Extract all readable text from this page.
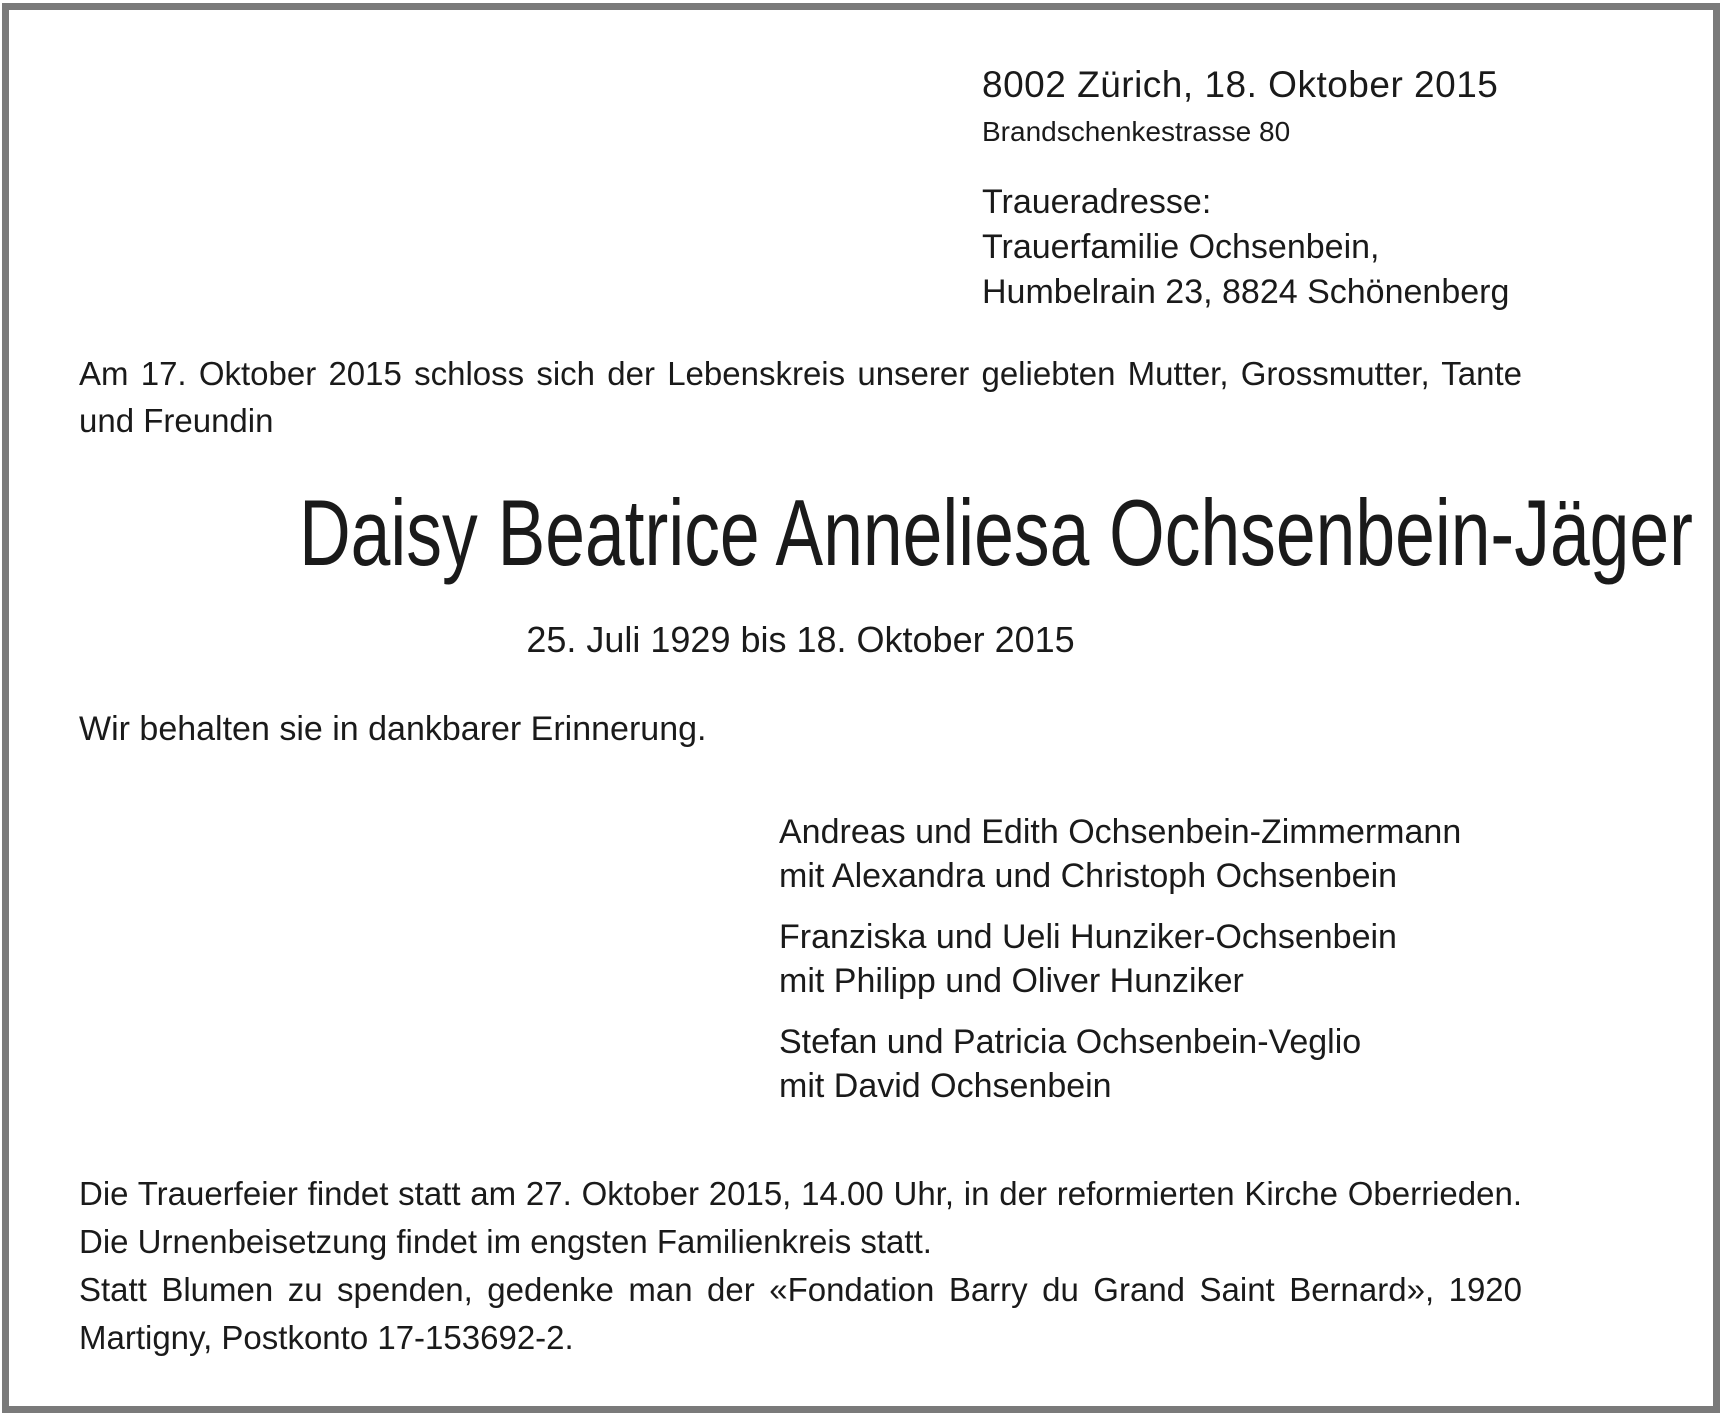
8002 Zürich, 18. Oktober 2015
Brandschenkestrasse 80
Traueradresse:
Trauerfamilie Ochsenbein,
Humbelrain 23, 8824 Schönenberg
Am 17. Oktober 2015 schloss sich der Lebenskreis unserer geliebten Mutter, Grossmutter, Tante und Freundin
Daisy Beatrice Anneliesa Ochsenbein-Jäger
25. Juli 1929 bis 18. Oktober 2015
Wir behalten sie in dankbarer Erinnerung.
Andreas und Edith Ochsenbein-Zimmermann
mit Alexandra und Christoph Ochsenbein
Franziska und Ueli Hunziker-Ochsenbein
mit Philipp und Oliver Hunziker
Stefan und Patricia Ochsenbein-Veglio
mit David Ochsenbein

Die Trauerfeier findet statt am 27. Oktober 2015, 14.00 Uhr, in der reformierten Kirche Oberrieden. Die Urnenbeisetzung findet im engsten Familienkreis statt.

Statt Blumen zu spenden, gedenke man der «Fondation Barry du Grand Saint Bernard», 1920 Martigny, Postkonto 17-153692-2.
